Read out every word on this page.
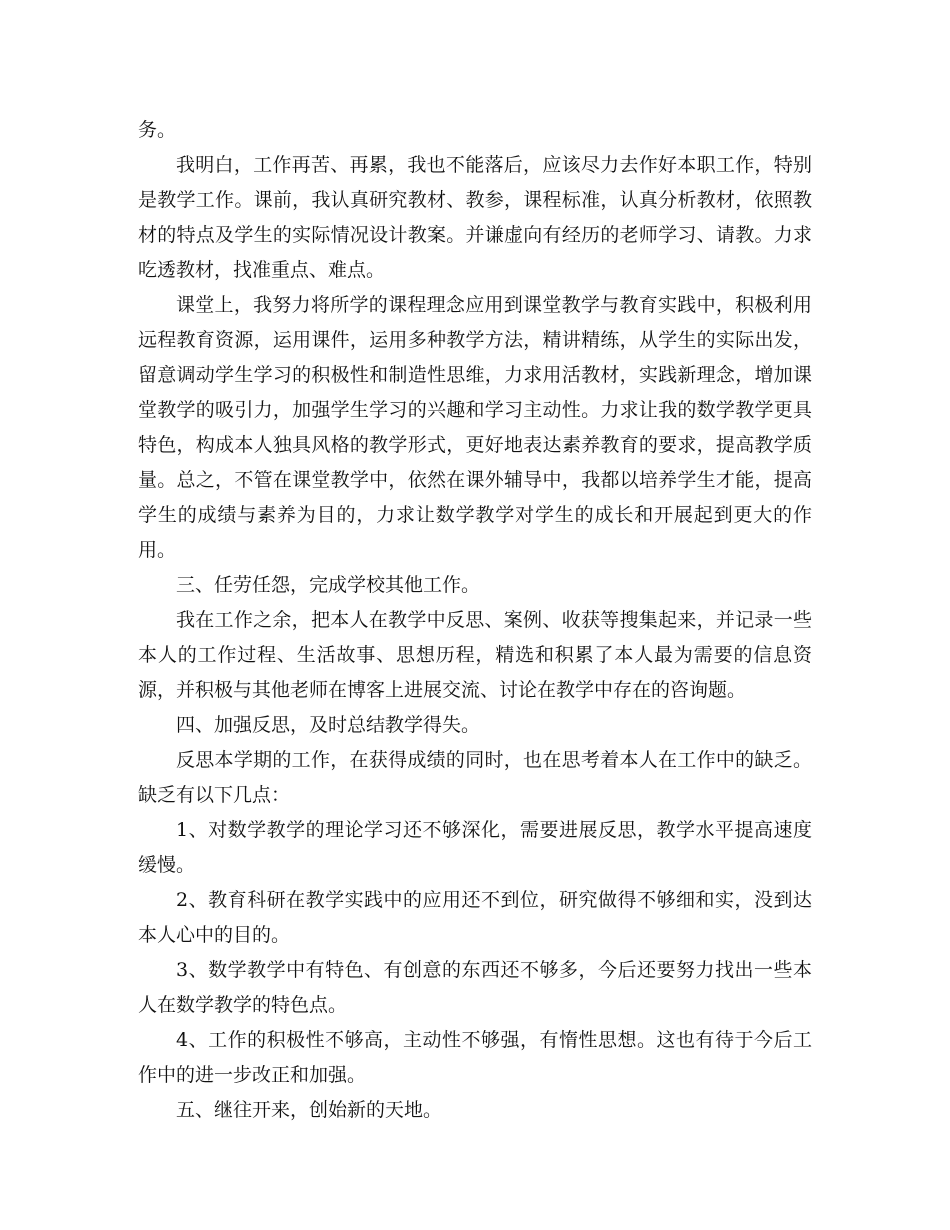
务。

我明白，工作再苦、再累，我也不能落后，应该尽力去作好本职工作，特别是教学工作。课前，我认真研究教材、教参，课程标准，认真分析教材，依照教材的特点及学生的实际情况设计教案。并谦虚向有经历的老师学习、请教。力求吃透教材，找准重点、难点。

课堂上，我努力将所学的课程理念应用到课堂教学与教育实践中，积极利用远程教育资源，运用课件，运用多种教学方法，精讲精练，从学生的实际出发，留意调动学生学习的积极性和制造性思维，力求用活教材，实践新理念，增加课堂教学的吸引力，加强学生学习的兴趣和学习主动性。力求让我的数学教学更具特色，构成本人独具风格的教学形式，更好地表达素养教育的要求，提高教学质量。总之，不管在课堂教学中，依然在课外辅导中，我都以培养学生才能，提高学生的成绩与素养为目的，力求让数学教学对学生的成长和开展起到更大的作用。

三、任劳任怨，完成学校其他工作。

我在工作之余，把本人在教学中反思、案例、收获等搜集起来，并记录一些本人的工作过程、生活故事、思想历程，精选和积累了本人最为需要的信息资源，并积极与其他老师在博客上进展交流、讨论在教学中存在的咨询题。

四、加强反思，及时总结教学得失。

反思本学期的工作，在获得成绩的同时，也在思考着本人在工作中的缺乏。缺乏有以下几点：

1、对数学教学的理论学习还不够深化，需要进展反思，教学水平提高速度缓慢。

2、教育科研在教学实践中的应用还不到位，研究做得不够细和实，没到达本人心中的目的。

3、数学教学中有特色、有创意的东西还不够多，今后还要努力找出一些本人在数学教学的特色点。

4、工作的积极性不够高，主动性不够强，有惰性思想。这也有待于今后工作中的进一步改正和加强。

五、继往开来，创始新的天地。
